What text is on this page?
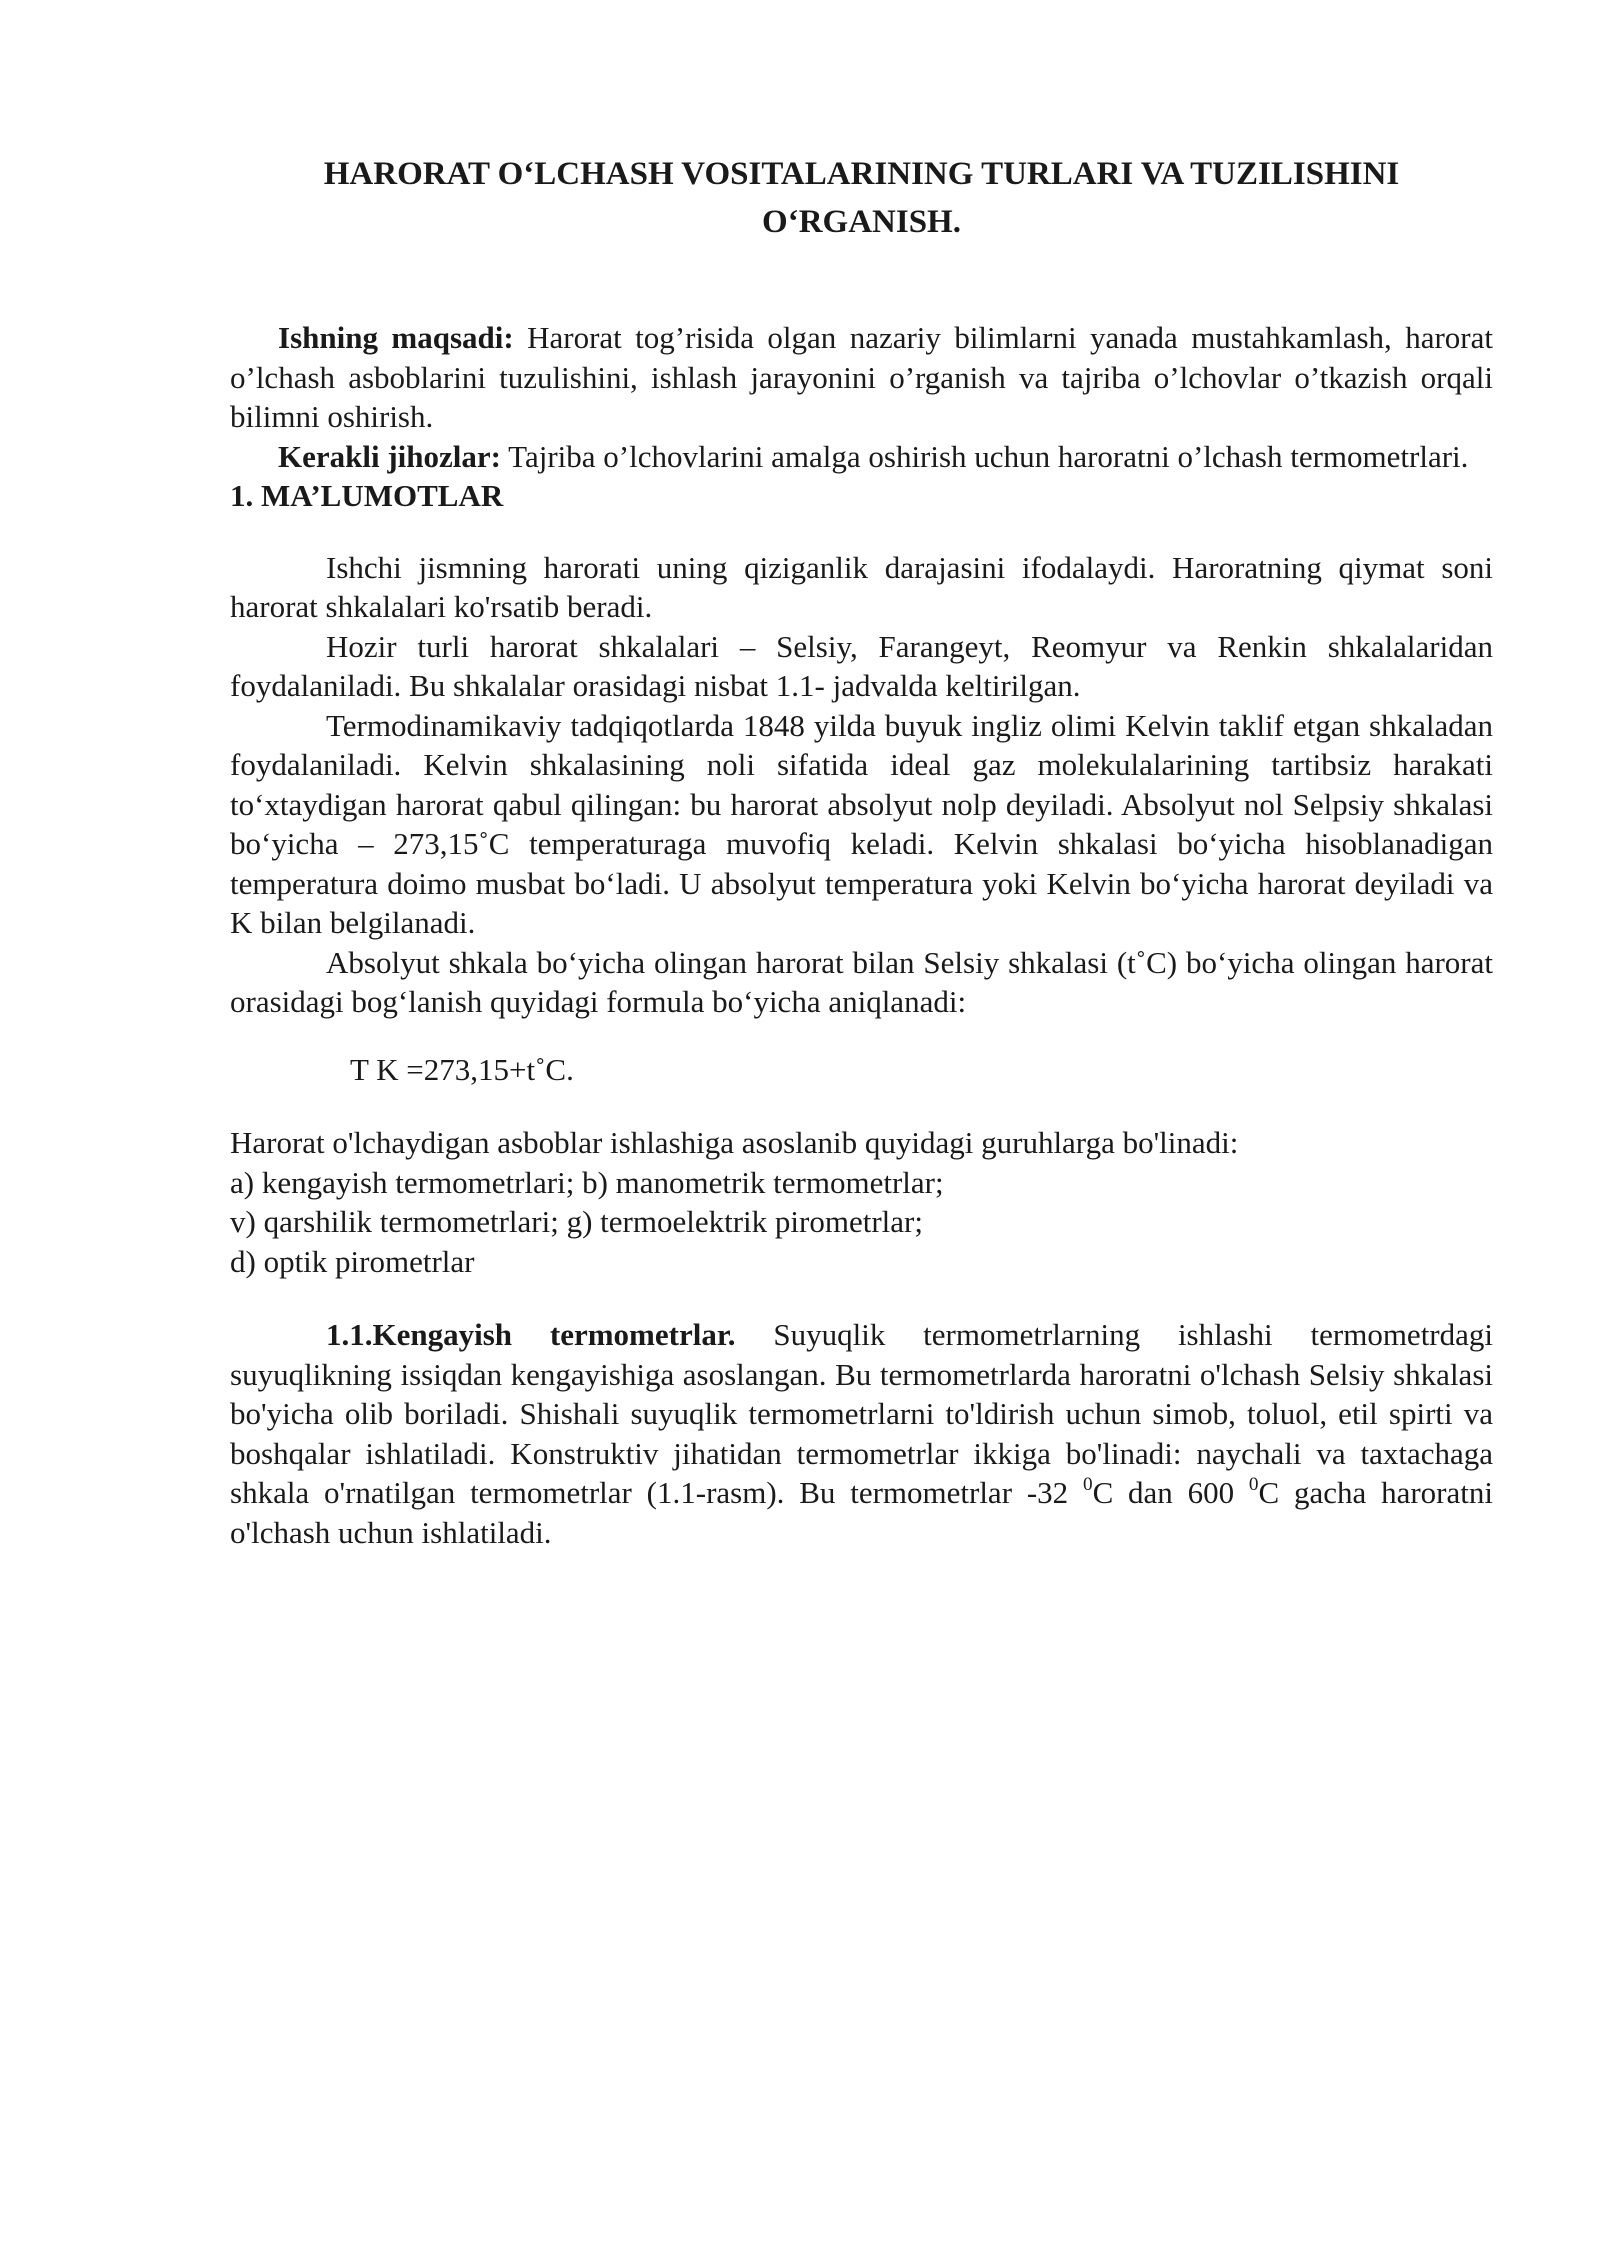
HARORAT O‘LCHASH VOSITALARINING TURLARI VA TUZILISHINI O‘RGANISH.

Ishning maqsadi: Harorat tog’risida olgan nazariy bilimlarni yanada mustahkamlash, harorat o’lchash asboblarini tuzulishini, ishlash jarayonini o’rganish va tajriba o’lchovlar o’tkazish orqali bilimni oshirish.

Kerakli jihozlar: Tajriba o’lchovlarini amalga oshirish uchun haroratni o’lchash termometrlari.

1. MA’LUMOTLAR

Ishchi jismning harorati uning qiziganlik darajasini ifodalaydi. Haroratning qiymat soni harorat shkalalari ko'rsatib beradi.

Hozir turli harorat shkalalari – Selsiy, Farangeyt, Reomyur va Renkin shkalalaridan foydalaniladi. Bu shkalalar orasidagi nisbat 1.1- jadvalda keltirilgan.

Termodinamikaviy tadqiqotlarda 1848 yilda buyuk ingliz olimi Kelvin taklif etgan shkaladan foydalaniladi. Kelvin shkalasining noli sifatida ideal gaz molekulalarining tartibsiz harakati to‘xtaydigan harorat qabul qilingan: bu harorat absolyut nolp deyiladi. Absolyut nol Selpsiy shkalasi bo‘yicha – 273,15˚C temperaturaga muvofiq keladi. Kelvin shkalasi bo‘yicha hisoblanadigan temperatura doimo musbat bo‘ladi. U absolyut temperatura yoki Kelvin bo‘yicha harorat deyiladi va K bilan belgilanadi.

Absolyut shkala bo‘yicha olingan harorat bilan Selsiy shkalasi (t˚C) bo‘yicha olingan harorat orasidagi bog‘lanish quyidagi formula bo‘yicha aniqlanadi:

T K =273,15+t˚C.

Harorat o'lchaydigan asboblar ishlashiga asoslanib quyidagi guruhlarga bo'linadi:

a) kengayish termometrlari; b) manometrik termometrlar;

v) qarshilik termometrlari; g) termoelektrik pirometrlar;

d) optik pirometrlar

1.1.Kengayish termometrlar. Suyuqlik termometrlarning ishlashi termometrdagi suyuqlikning issiqdan kengayishiga asoslangan. Bu termometrlarda haroratni o'lchash Selsiy shkalasi bo'yicha olib boriladi. Shishali suyuqlik termometrlarni to'ldirish uchun simob, toluol, etil spirti va boshqalar ishlatiladi. Konstruktiv jihatidan termometrlar ikkiga bo'linadi: naychali va taxtachaga shkala o'rnatilgan termometrlar (1.1-rasm). Bu termometrlar -32 $^0$C dan 600 $^0$C gacha haroratni o'lchash uchun ishlatiladi.
